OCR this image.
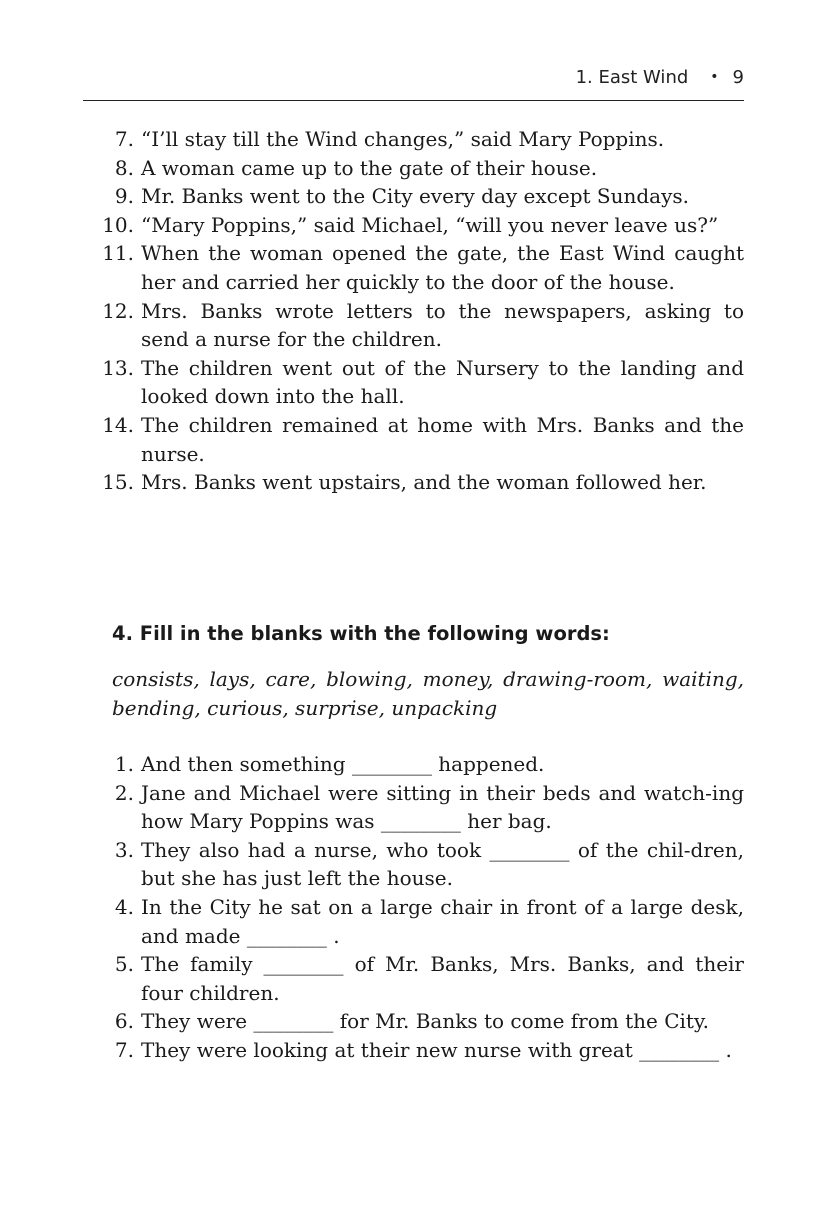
1. East Wind • 9
7. “I’ll stay till the Wind changes,” said Mary Poppins.
8. A woman came up to the gate of their house.
9. Mr. Banks went to the City every day except Sundays.
10. “Mary Poppins,” said Michael, “will you never leave us?”
11. When the woman opened the gate, the East Wind caught her and carried her quickly to the door of the house.
12. Mrs. Banks wrote letters to the newspapers, asking to send a nurse for the children.
13. The children went out of the Nursery to the landing and looked down into the hall.
14. The children remained at home with Mrs. Banks and the nurse.
15. Mrs. Banks went upstairs, and the woman followed her.
4. Fill in the blanks with the following words:
consists, lays, care, blowing, money, drawing-room, waiting, bending, curious, surprise, unpacking
1. And then something ________ happened.
2. Jane and Michael were sitting in their beds and watch-ing how Mary Poppins was ________ her bag.
3. They also had a nurse, who took ________ of the chil-dren, but she has just left the house.
4. In the City he sat on a large chair in front of a large desk, and made ________ .
5. The family ________ of Mr. Banks, Mrs. Banks, and their four children.
6. They were ________ for Mr. Banks to come from the City.
7. They were looking at their new nurse with great ________ .
